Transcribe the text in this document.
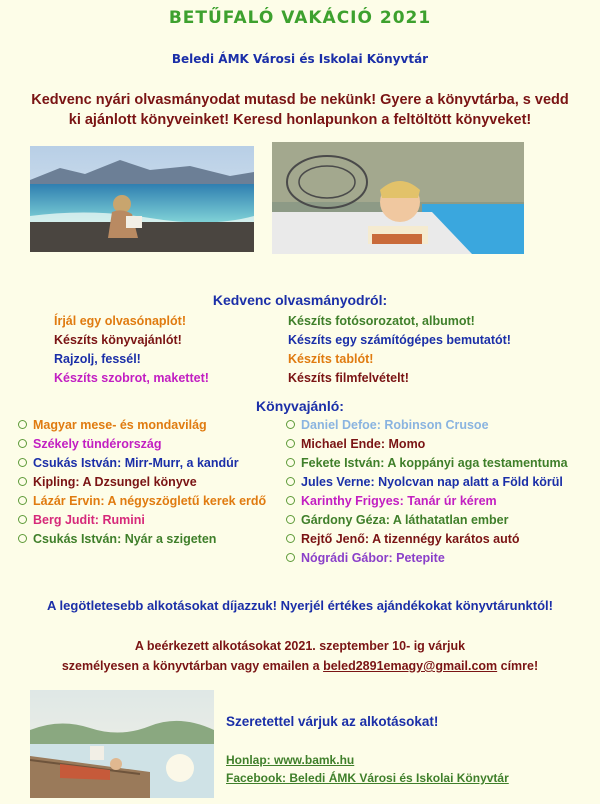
BETŰFALÓ VAKÁCIÓ 2021
Beledi ÁMK Városi és Iskolai Könyvtár
Kedvenc nyári olvasmányodat mutasd be nekünk! Gyere a könyvtárba, s vedd
ki ajánlott könyveinket! Keresd honlapunkon a feltöltött könyveket!
Kedvenc olvasmányodról:
Írjál egy olvasónaplót!
Készíts könyvajánlót!
Rajzolj, fessél!
Készíts szobrot, makettet!
Készíts fotósorozatot, albumot!
Készíts egy számítógépes bemutatót!
Készíts tablót!
Készíts filmfelvételt!
Könyvajánló:
Magyar mese- és mondavilág
Székely tündérország
Csukás István: Mirr-Murr, a kandúr
Kipling: A Dzsungel könyve
Lázár Ervin: A négyszögletű kerek erdő
Berg Judit: Rumini
Csukás István: Nyár a szigeten
Daniel Defoe: Robinson Crusoe
Michael Ende: Momo
Fekete István: A koppányi aga testamentuma
Jules Verne: Nyolcvan nap alatt a Föld körül
Karinthy Frigyes: Tanár úr kérem
Gárdony Géza: A láthatatlan ember
Rejtő Jenő: A tizennégy karátos autó
Nógrádi Gábor: Petepite
A legötletesebb alkotásokat díjazzuk! Nyerjél értékes ajándékokat könyvtárunktól!
A beérkezett alkotásokat 2021. szeptember 10- ig várjuk
személyesen a könyvtárban vagy emailen a beled2891emagy@gmail.com címre!
Szeretettel várjuk az alkotásokat!
Honlap: www.bamk.hu
Facebook: Beledi ÁMK Városi és Iskolai Könyvtár
